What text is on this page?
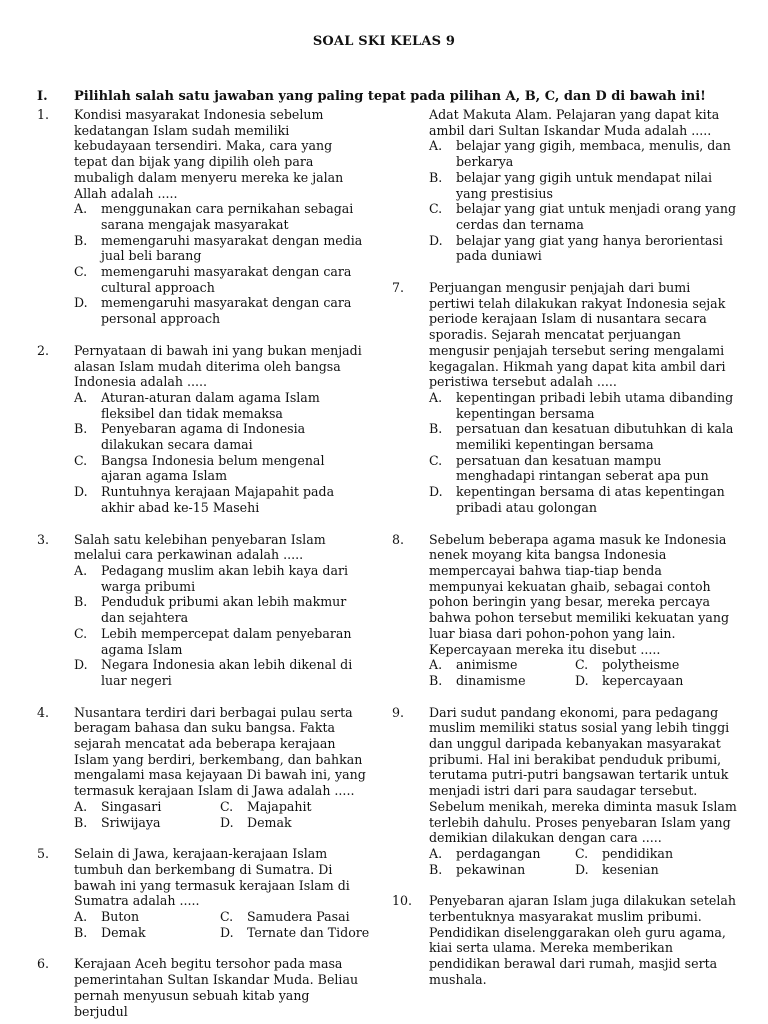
SOAL SKI KELAS 9
I. Pilihlah salah satu jawaban yang paling tepat pada pilihan A, B, C, dan D di bawah ini!
1. Kondisi masyarakat Indonesia sebelum kedatangan Islam sudah memiliki kebudayaan tersendiri. Maka, cara yang tepat dan bijak yang dipilih oleh para mubaligh dalam menyeru mereka ke jalan Allah adalah .....
A. menggunakan cara pernikahan sebagai sarana mengajak masyarakat
B. memengaruhi masyarakat dengan media jual beli barang
C. memengaruhi masyarakat dengan cara cultural approach
D. memengaruhi masyarakat dengan cara personal approach
2. Pernyataan di bawah ini yang bukan menjadi alasan Islam mudah diterima oleh bangsa Indonesia adalah .....
A. Aturan-aturan dalam agama Islam fleksibel dan tidak memaksa
B. Penyebaran agama di Indonesia dilakukan secara damai
C. Bangsa Indonesia belum mengenal ajaran agama Islam
D. Runtuhnya kerajaan Majapahit pada akhir abad ke-15 Masehi
3. Salah satu kelebihan penyebaran Islam melalui cara perkawinan adalah .....
A. Pedagang muslim akan lebih kaya dari warga pribumi
B. Penduduk pribumi akan lebih makmur dan sejahtera
C. Lebih mempercepat dalam penyebaran agama Islam
D. Negara Indonesia akan lebih dikenal di luar negeri
4. Nusantara terdiri dari berbagai pulau serta beragam bahasa dan suku bangsa. Fakta sejarah mencatat ada beberapa kerajaan Islam yang berdiri, berkembang, dan bahkan mengalami masa kejayaan Di bawah ini, yang termasuk kerajaan Islam di Jawa adalah .....
A. Singasari	C. Majapahit
B. Sriwijaya	D. Demak
5. Selain di Jawa, kerajaan-kerajaan Islam tumbuh dan berkembang di Sumatra. Di bawah ini yang termasuk kerajaan Islam di Sumatra adalah .....
A. Buton	C. Samudera Pasai
B. Demak	D. Ternate dan Tidore
6. Kerajaan Aceh begitu tersohor pada masa pemerintahan Sultan Iskandar Muda. Beliau pernah menyusun sebuah kitab yang berjudul
Adat Makuta Alam. Pelajaran yang dapat kita ambil dari Sultan Iskandar Muda adalah .....
A. belajar yang gigih, membaca, menulis, dan berkarya
B. belajar yang gigih untuk mendapat nilai yang prestisius
C. belajar yang giat untuk menjadi orang yang cerdas dan ternama
D. belajar yang giat yang hanya berorientasi pada duniawi
7. Perjuangan mengusir penjajah dari bumi pertiwi telah dilakukan rakyat Indonesia sejak periode kerajaan Islam di nusantara secara sporadis. Sejarah mencatat perjuangan mengusir penjajah tersebut sering mengalami kegagalan. Hikmah yang dapat kita ambil dari peristiwa tersebut adalah .....
A. kepentingan pribadi lebih utama dibanding kepentingan bersama
B. persatuan dan kesatuan dibutuhkan di kala memiliki kepentingan bersama
C. persatuan dan kesatuan mampu menghadapi rintangan seberat apa pun
D. kepentingan bersama di atas kepentingan pribadi atau golongan
8. Sebelum beberapa agama masuk ke Indonesia nenek moyang kita bangsa Indonesia mempercayai bahwa tiap-tiap benda mempunyai kekuatan ghaib, sebagai contoh pohon beringin yang besar, mereka percaya bahwa pohon tersebut memiliki kekuatan yang luar biasa dari pohon-pohon yang lain. Kepercayaan mereka itu disebut .....
A. animisme	C. polytheisme
B. dinamisme	D. kepercayaan
9. Dari sudut pandang ekonomi, para pedagang muslim memiliki status sosial yang lebih tinggi dan unggul daripada kebanyakan masyarakat pribumi. Hal ini berakibat penduduk pribumi, terutama putri-putri bangsawan tertarik untuk menjadi istri dari para saudagar tersebut. Sebelum menikah, mereka diminta masuk Islam terlebih dahulu. Proses penyebaran Islam yang demikian dilakukan dengan cara .....
A. perdagangan	C. pendidikan
B. pekawinan	D. kesenian
10. Penyebaran ajaran Islam juga dilakukan setelah terbentuknya masyarakat muslim pribumi. Pendidikan diselenggarakan oleh guru agama, kiai serta ulama. Mereka memberikan pendidikan berawal dari rumah, masjid serta mushala.
